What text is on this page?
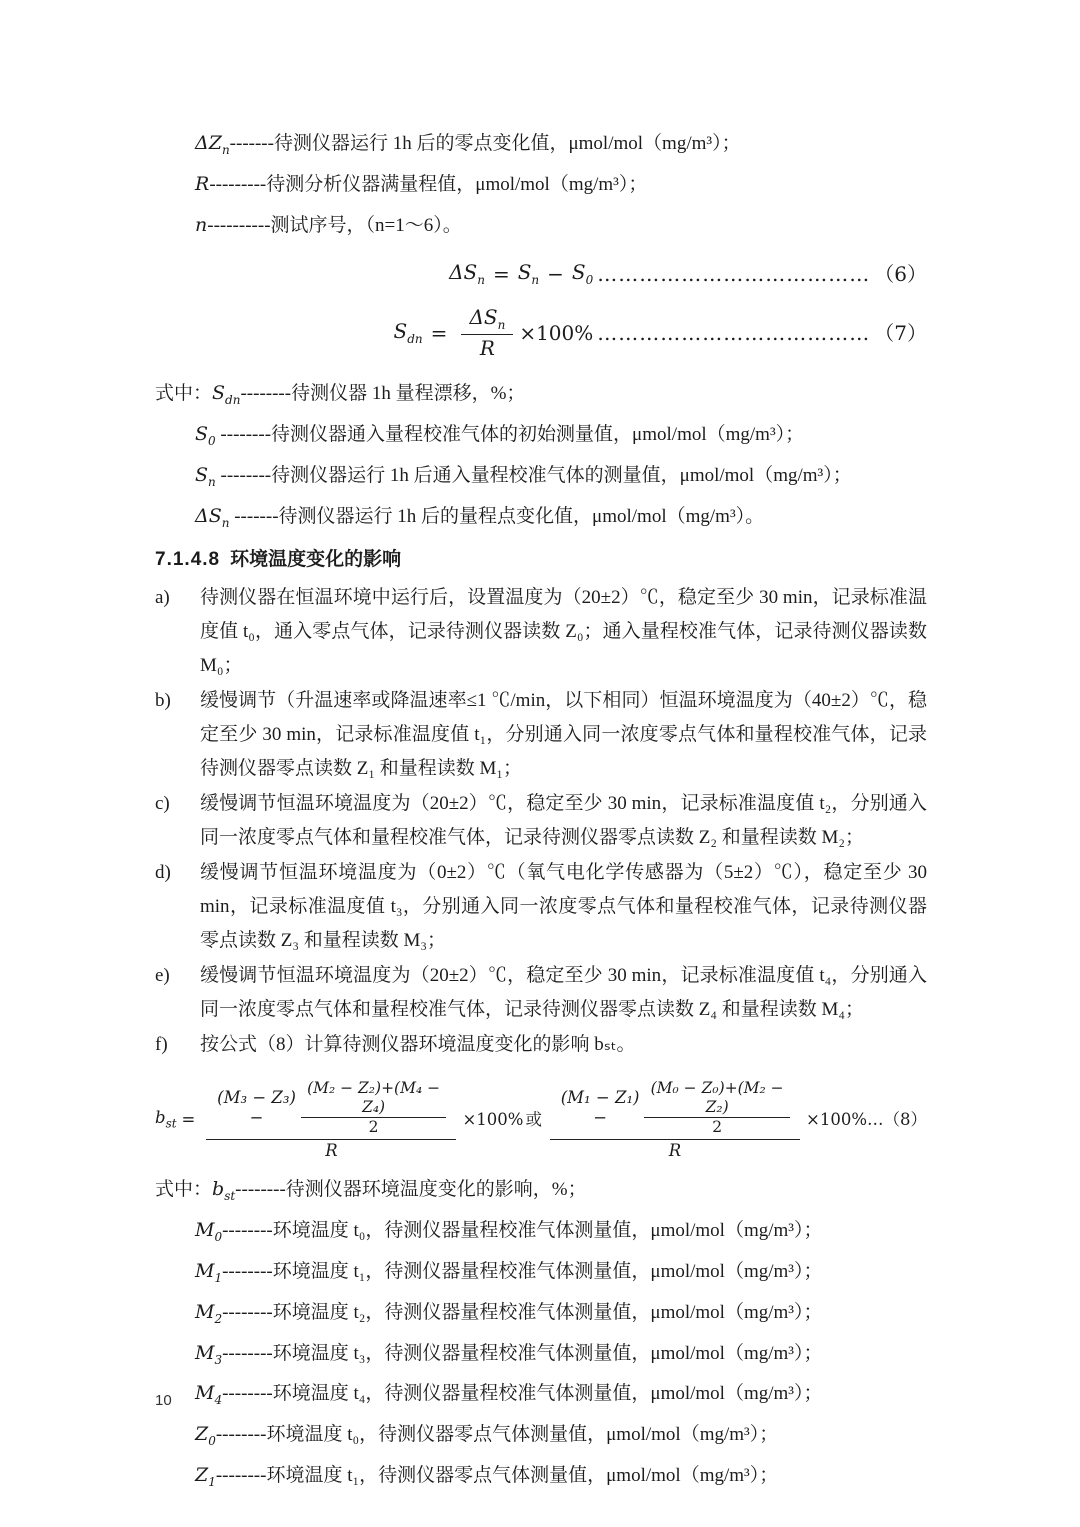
$\Delta Z_n-------$待测仪器运行 1h 后的零点变化值，μmol/mol（mg/m³）；
R---------待测分析仪器满量程值，μmol/mol（mg/m³）；
n----------测试序号，（n=1～6）。
$\Delta S_n = S_n - S_0$ ………………………………… （6）
$S_{dn} = \frac{\Delta S_n}{R} \times 100\%$ ………………………………… （7）
式中：$S_{dn}--------$待测仪器 1h 量程漂移，%；
$S_0$ --------待测仪器通入量程校准气体的初始测量值，μmol/mol（mg/m³）；
$S_n$ --------待测仪器运行 1h 后通入量程校准气体的测量值，μmol/mol（mg/m³）；
$\Delta S_n$ -------待测仪器运行 1h 后的量程点变化值，μmol/mol（mg/m³）。
7.1.4.8 环境温度变化的影响
a)	待测仪器在恒温环境中运行后，设置温度为（20±2）℃，稳定至少 30 min，记录标准温度值 t₀，通入零点气体，记录待测仪器读数 Z₀；通入量程校准气体，记录待测仪器读数 M₀；
b)	缓慢调节（升温速率或降温速率≤1 ℃/min，以下相同）恒温环境温度为（40±2）℃，稳定至少 30 min，记录标准温度值 t₁，分别通入同一浓度零点气体和量程校准气体，记录待测仪器零点读数 Z₁ 和量程读数 M₁；
c)	缓慢调节恒温环境温度为（20±2）℃，稳定至少 30 min，记录标准温度值 t₂，分别通入同一浓度零点气体和量程校准气体，记录待测仪器零点读数 Z₂ 和量程读数 M₂；
d)	缓慢调节恒温环境温度为（0±2）℃（氧气电化学传感器为（5±2）℃），稳定至少 30 min，记录标准温度值 t₃，分别通入同一浓度零点气体和量程校准气体，记录待测仪器零点读数 Z₃ 和量程读数 M₃；
e)	缓慢调节恒温环境温度为（20±2）℃，稳定至少 30 min，记录标准温度值 t₄，分别通入同一浓度零点气体和量程校准气体，记录待测仪器零点读数 Z₄ 和量程读数 M₄；
f)	按公式（8）计算待测仪器环境温度变化的影响 bₛₜ。
$b_{st}$ =
(M₃ − Z₃) −	$\frac{\text{(M₂ − Z₂)+(M₄ − Z₄)}}{2}$
R
×100% 或
(M₁ − Z₁) −	$\frac{\text{(M₀ − Z₀)+(M₂ − Z₂)}}{2}$
R
×100% …（8）
式中：$b_{st}--------$待测仪器环境温度变化的影响，%；
$M_0--------$环境温度 t₀，待测仪器量程校准气体测量值，μmol/mol（mg/m³）；
$M_1--------$环境温度 t₁，待测仪器量程校准气体测量值，μmol/mol（mg/m³）；
$M_2--------$环境温度 t₂，待测仪器量程校准气体测量值，μmol/mol（mg/m³）；
$M_3--------$环境温度 t₃，待测仪器量程校准气体测量值，μmol/mol（mg/m³）；
$M_4--------$环境温度 t₄，待测仪器量程校准气体测量值，μmol/mol（mg/m³）；
$Z_0--------$环境温度 t₀，待测仪器零点气体测量值，μmol/mol（mg/m³）；
$Z_1--------$环境温度 t₁，待测仪器零点气体测量值，μmol/mol（mg/m³）；
10
